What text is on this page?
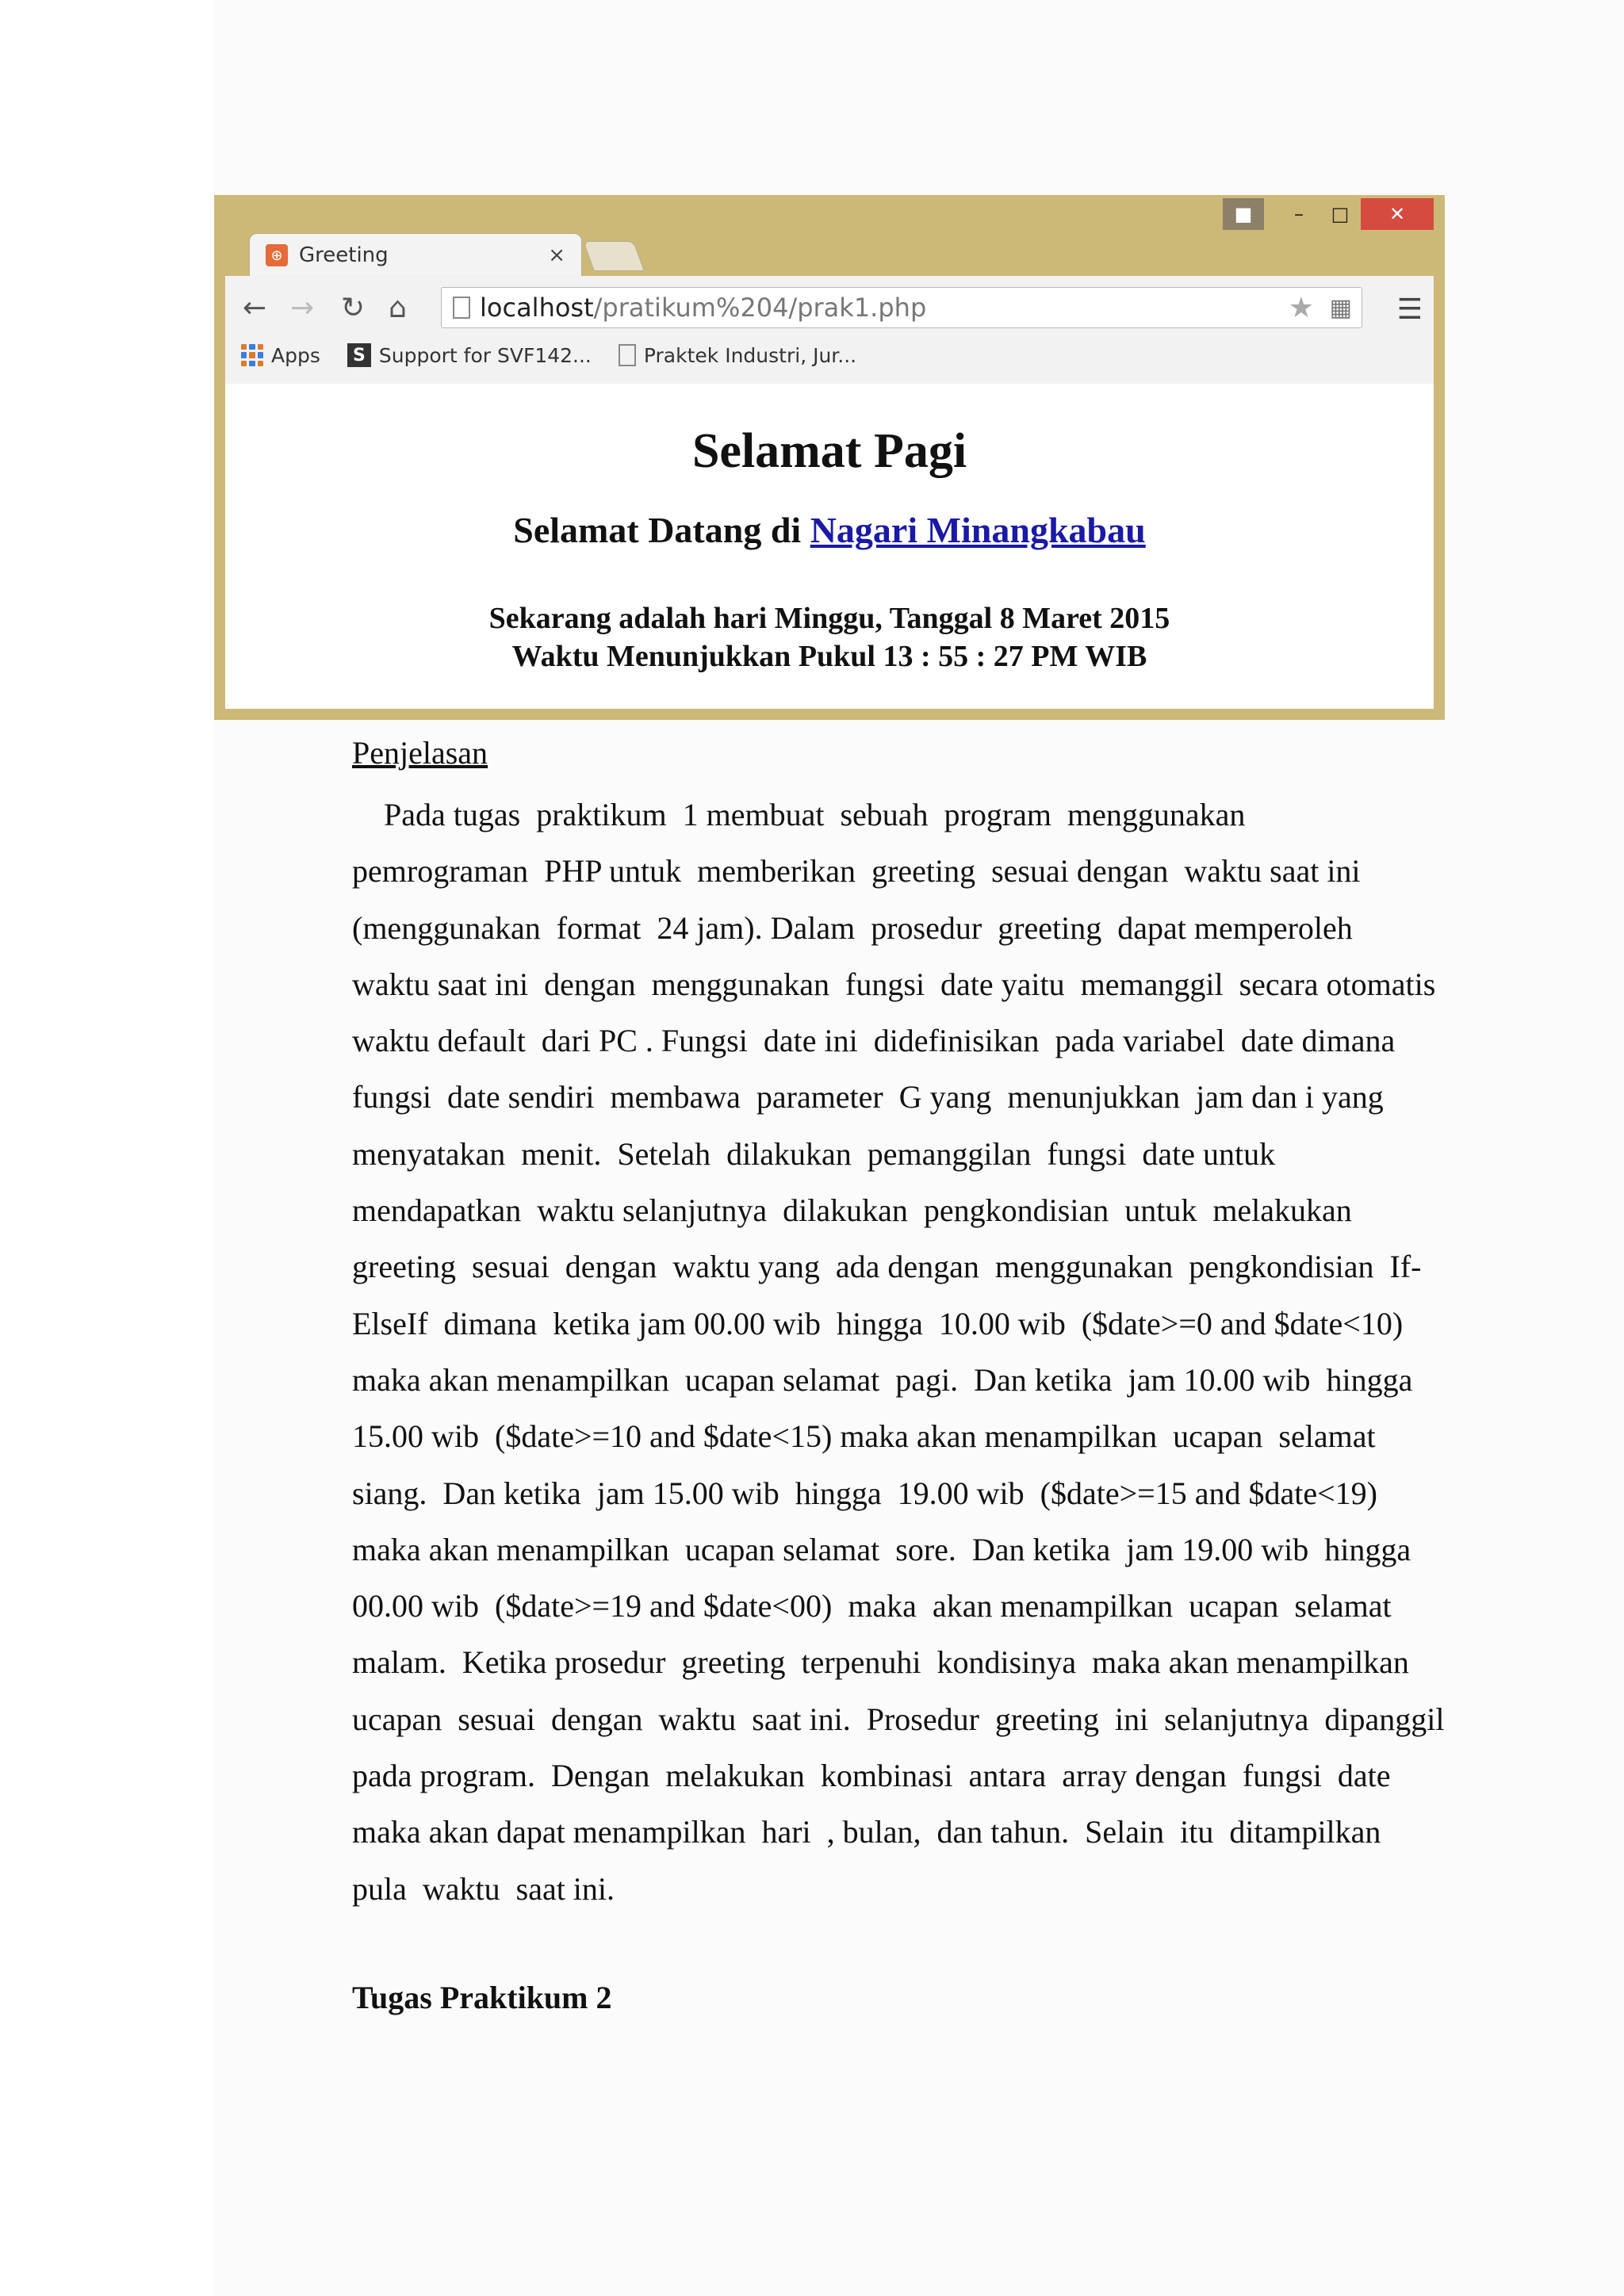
■	–	□	✕
⊕ Greeting	×
← → ↻ ⌂	localhost /pratikum%204/prak1.php	★ ▦ ☰
Apps	S Support for SVF142...	Praktek Industri, Jur...
Selamat Pagi
Selamat Datang di Nagari Minangkabau
Sekarang adalah hari Minggu, Tanggal 8 Maret 2015
Waktu Menunjukkan Pukul 13 : 55 : 27 PM WIB
Penjelasan
Pada tugas  praktikum  1 membuat  sebuah  program  menggunakan
pemrograman  PHP untuk  memberikan  greeting  sesuai dengan  waktu saat ini
(menggunakan  format  24 jam). Dalam  prosedur  greeting  dapat memperoleh
waktu saat ini  dengan  menggunakan  fungsi  date yaitu  memanggil  secara otomatis
waktu default  dari PC . Fungsi  date ini  didefinisikan  pada variabel  date dimana
fungsi  date sendiri  membawa  parameter  G yang  menunjukkan  jam dan i yang
menyatakan  menit.  Setelah  dilakukan  pemanggilan  fungsi  date untuk
mendapatkan  waktu selanjutnya  dilakukan  pengkondisian  untuk  melakukan
greeting  sesuai  dengan  waktu yang  ada dengan  menggunakan  pengkondisian  If-
ElseIf  dimana  ketika jam 00.00 wib  hingga  10.00 wib  ($date>=0 and $date<10)
maka akan menampilkan  ucapan selamat  pagi.  Dan ketika  jam 10.00 wib  hingga
15.00 wib  ($date>=10 and $date<15) maka akan menampilkan  ucapan  selamat
siang.  Dan ketika  jam 15.00 wib  hingga  19.00 wib  ($date>=15 and $date<19)
maka akan menampilkan  ucapan selamat  sore.  Dan ketika  jam 19.00 wib  hingga
00.00 wib  ($date>=19 and $date<00)  maka  akan menampilkan  ucapan  selamat
malam.  Ketika prosedur  greeting  terpenuhi  kondisinya  maka akan menampilkan
ucapan  sesuai  dengan  waktu  saat ini.  Prosedur  greeting  ini  selanjutnya  dipanggil
pada program.  Dengan  melakukan  kombinasi  antara  array dengan  fungsi  date
maka akan dapat menampilkan  hari  , bulan,  dan tahun.  Selain  itu  ditampilkan
pula  waktu  saat ini.
Tugas Praktikum 2
